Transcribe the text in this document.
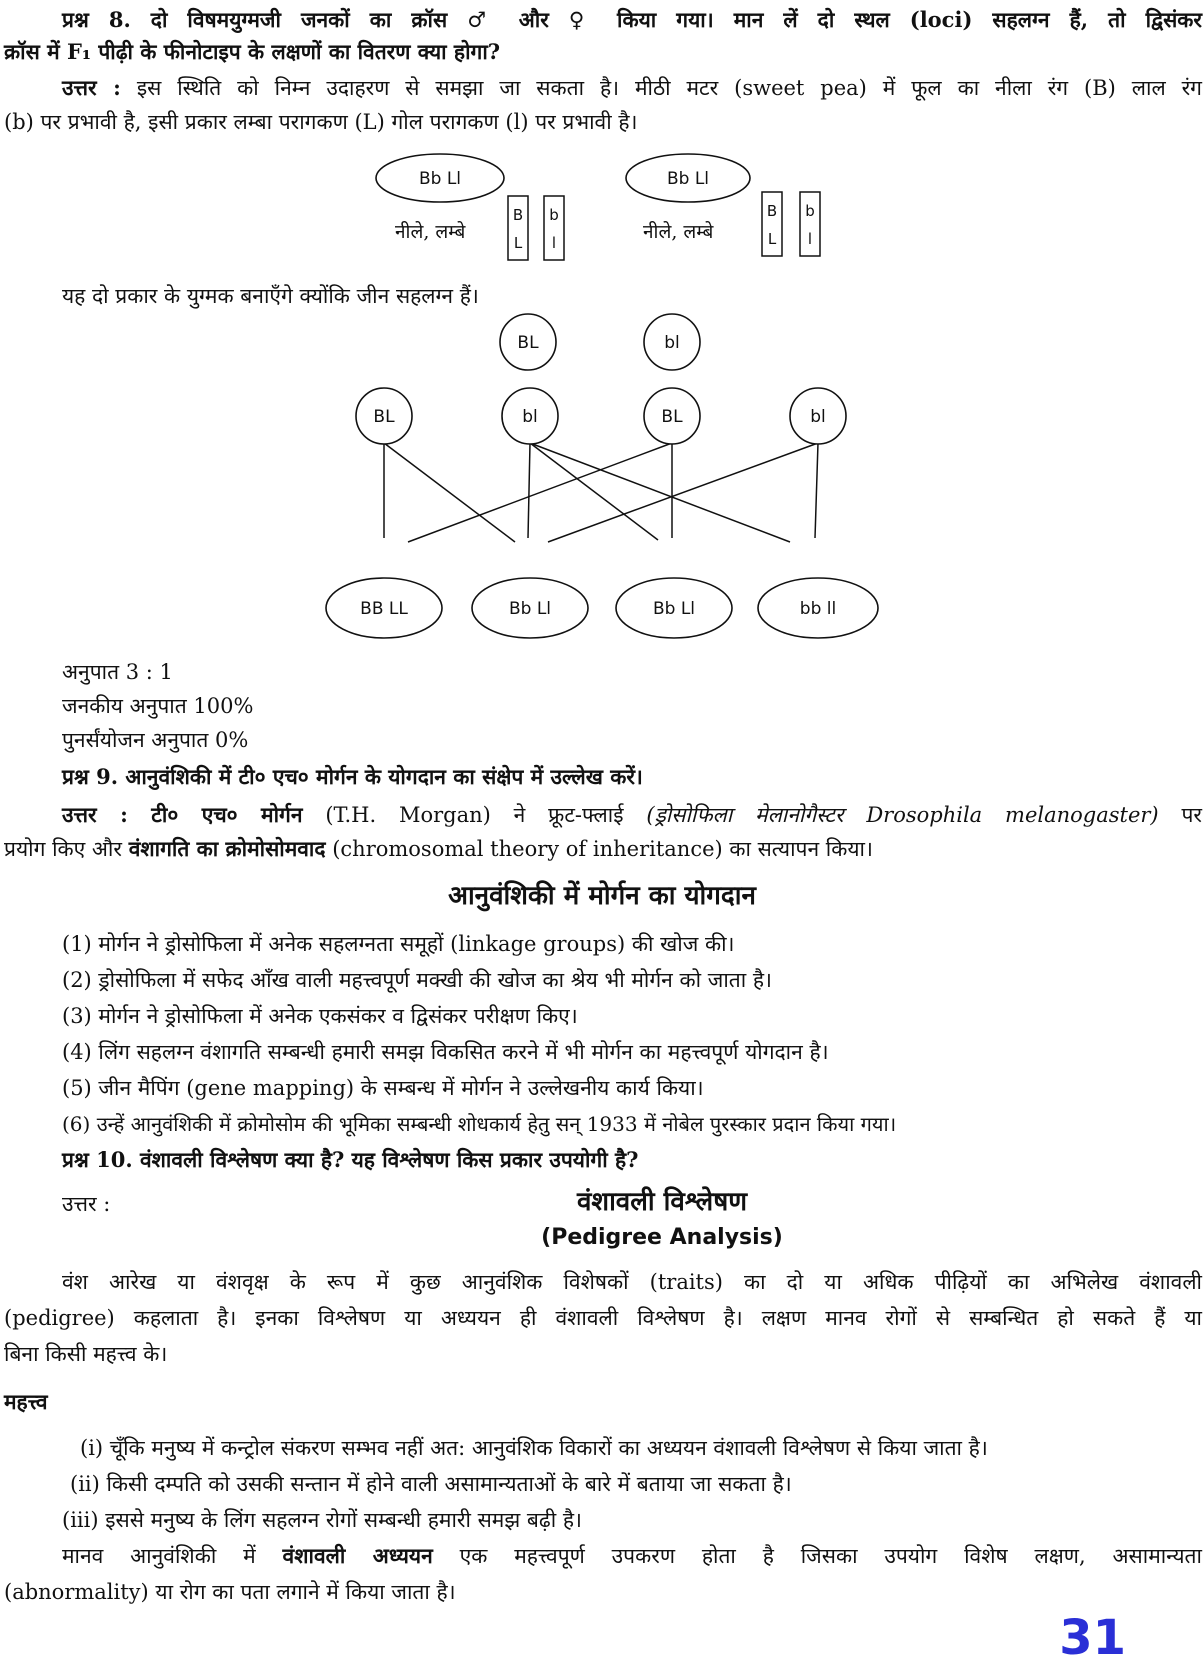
प्रश्न 8. दो विषमयुग्मजी जनकों का क्रॉस ♂ और ♀ किया गया। मान लें दो स्थल (loci) सहलग्न हैं, तो द्विसंकर
क्रॉस में F₁ पीढ़ी के फीनोटाइप के लक्षणों का वितरण क्या होगा?
उत्तर : इस स्थिति को निम्न उदाहरण से समझा जा सकता है। मीठी मटर (sweet pea) में फूल का नीला रंग (B) लाल रंग
(b) पर प्रभावी है, इसी प्रकार लम्बा परागकण (L) गोल परागकण (l) पर प्रभावी है।
Bb Ll	Bb Ll
नीले, लम्बे	नीले, लम्बे
B
L
b
l
B
L
b
l
BL	bl
BL	bl	BL	bl
BB LL	Bb Ll	Bb Ll	bb ll
यह दो प्रकार के युग्मक बनाएँगे क्योंकि जीन सहलग्न हैं।
अनुपात 3 : 1
जनकीय अनुपात 100%
पुनर्संयोजन अनुपात 0%
प्रश्न 9. आनुवंशिकी में टी० एच० मोर्गन के योगदान का संक्षेप में उल्लेख करें।
उत्तर : टी० एच० मोर्गन (T.H. Morgan) ने फ्रूट-फ्लाई (ड्रोसोफिला मेलानोगैस्टर Drosophila melanogaster) पर
प्रयोग किए और वंशागति का क्रोमोसोमवाद (chromosomal theory of inheritance) का सत्यापन किया।
आनुवंशिकी में मोर्गन का योगदान
(1) मोर्गन ने ड्रोसोफिला में अनेक सहलग्नता समूहों (linkage groups) की खोज की।
(2) ड्रोसोफिला में सफेद आँख वाली महत्त्वपूर्ण मक्खी की खोज का श्रेय भी मोर्गन को जाता है।
(3) मोर्गन ने ड्रोसोफिला में अनेक एकसंकर व द्विसंकर परीक्षण किए।
(4) लिंग सहलग्न वंशागति सम्बन्धी हमारी समझ विकसित करने में भी मोर्गन का महत्त्वपूर्ण योगदान है।
(5) जीन मैपिंग (gene mapping) के सम्बन्ध में मोर्गन ने उल्लेखनीय कार्य किया।
(6) उन्हें आनुवंशिकी में क्रोमोसोम की भूमिका सम्बन्धी शोधकार्य हेतु सन् 1933 में नोबेल पुरस्कार प्रदान किया गया।
प्रश्न 10. वंशावली विश्लेषण क्या है? यह विश्लेषण किस प्रकार उपयोगी है?
उत्तर :	वंशावली विश्लेषण
(Pedigree Analysis)
वंश आरेख या वंशवृक्ष के रूप में कुछ आनुवंशिक विशेषकों (traits) का दो या अधिक पीढ़ियों का अभिलेख वंशावली
(pedigree) कहलाता है। इनका विश्लेषण या अध्ययन ही वंशावली विश्लेषण है। लक्षण मानव रोगों से सम्बन्धित हो सकते हैं या
बिना किसी महत्त्व के।
महत्त्व
(i) चूँकि मनुष्य में कन्ट्रोल संकरण सम्भव नहीं अत: आनुवंशिक विकारों का अध्ययन वंशावली विश्लेषण से किया जाता है।
(ii) किसी दम्पति को उसकी सन्तान में होने वाली असामान्यताओं के बारे में बताया जा सकता है।
(iii) इससे मनुष्य के लिंग सहलग्न रोगों सम्बन्धी हमारी समझ बढ़ी है।
मानव आनुवंशिकी में वंशावली अध्ययन एक महत्त्वपूर्ण उपकरण होता है जिसका उपयोग विशेष लक्षण, असामान्यता
(abnormality) या रोग का पता लगाने में किया जाता है।
31
